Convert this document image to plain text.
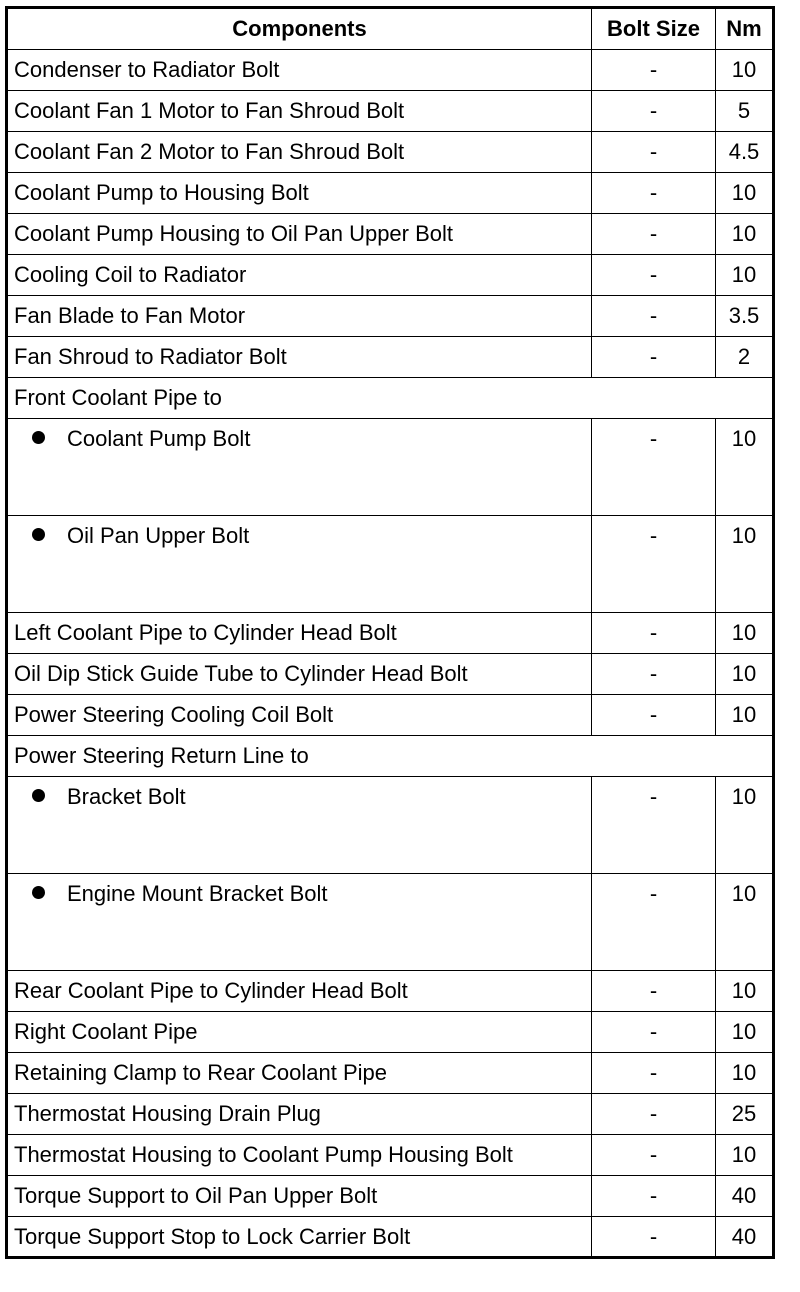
Components	Bolt Size	Nm
Condenser to Radiator Bolt	-	10
Coolant Fan 1 Motor to Fan Shroud Bolt	-	5
Coolant Fan 2 Motor to Fan Shroud Bolt	-	4.5
Coolant Pump to Housing Bolt	-	10
Coolant Pump Housing to Oil Pan Upper Bolt	-	10
Cooling Coil to Radiator	-	10
Fan Blade to Fan Motor	-	3.5
Fan Shroud to Radiator Bolt	-	2
Front Coolant Pipe to		
Coolant Pump Bolt	-	10
Oil Pan Upper Bolt	-	10
Left Coolant Pipe to Cylinder Head Bolt	-	10
Oil Dip Stick Guide Tube to Cylinder Head Bolt	-	10
Power Steering Cooling Coil Bolt	-	10
Power Steering Return Line to		
Bracket Bolt	-	10
Engine Mount Bracket Bolt	-	10
Rear Coolant Pipe to Cylinder Head Bolt	-	10
Right Coolant Pipe	-	10
Retaining Clamp to Rear Coolant Pipe	-	10
Thermostat Housing Drain Plug	-	25
Thermostat Housing to Coolant Pump Housing Bolt	-	10
Torque Support to Oil Pan Upper Bolt	-	40
Torque Support Stop to Lock Carrier Bolt	-	40
